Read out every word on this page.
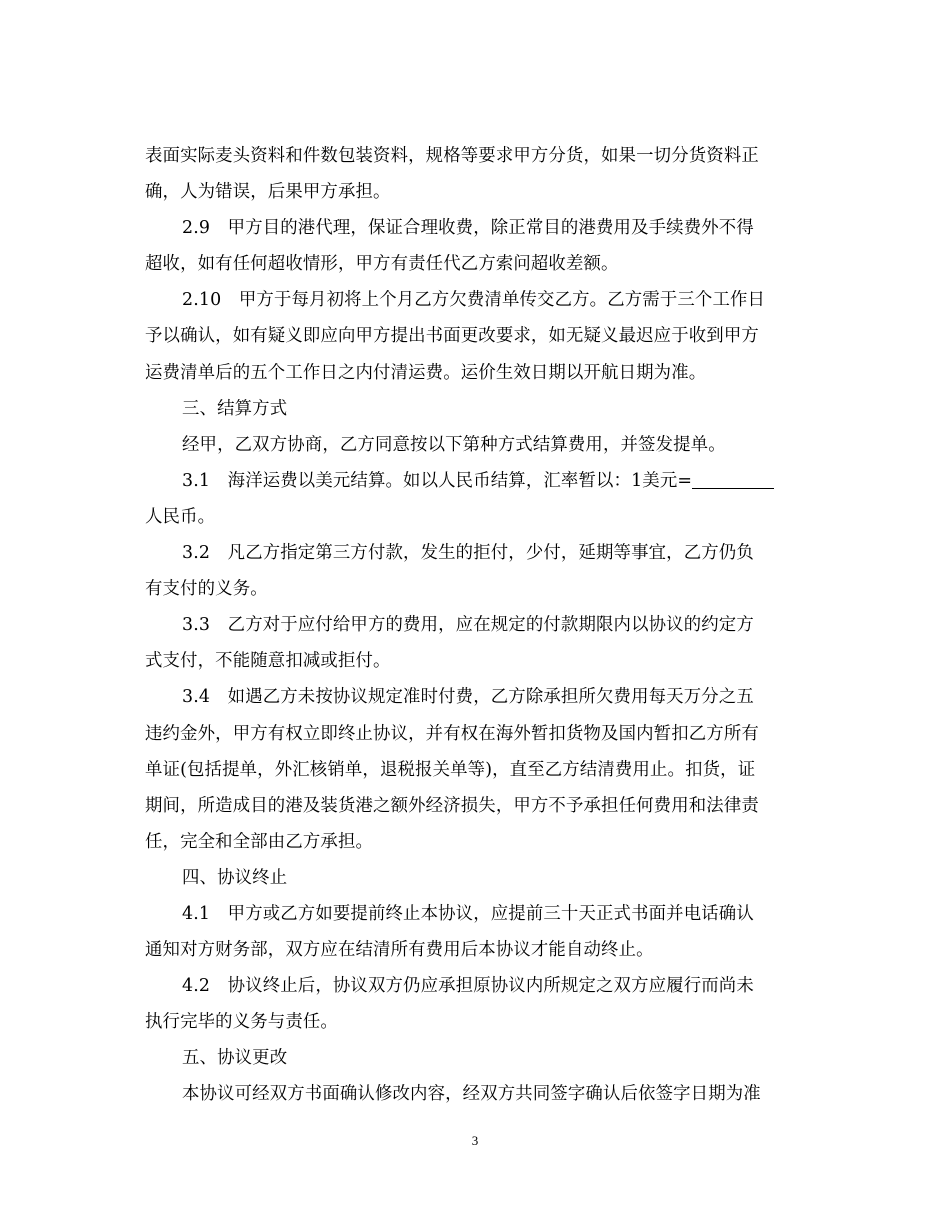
表面实际麦头资料和件数包装资料，规格等要求甲方分货，如果一切分货资料正
确，人为错误，后果甲方承担。
2.9　甲方目的港代理，保证合理收费，除正常目的港费用及手续费外不得
超收，如有任何超收情形，甲方有责任代乙方索问超收差额。
2.10　甲方于每月初将上个月乙方欠费清单传交乙方。乙方需于三个工作日
予以确认，如有疑义即应向甲方提出书面更改要求，如无疑义最迟应于收到甲方
运费清单后的五个工作日之内付清运费。运价生效日期以开航日期为准。
三、结算方式
经甲，乙双方协商，乙方同意按以下第种方式结算费用，并签发提单。
3.1　海洋运费以美元结算。如以人民币结算，汇率暂以：1美元=
人民币。
3.2　凡乙方指定第三方付款，发生的拒付，少付，延期等事宜，乙方仍负
有支付的义务。
3.3　乙方对于应付给甲方的费用，应在规定的付款期限内以协议的约定方
式支付，不能随意扣减或拒付。
3.4　如遇乙方未按协议规定准时付费，乙方除承担所欠费用每天万分之五
违约金外，甲方有权立即终止协议，并有权在海外暂扣货物及国内暂扣乙方所有
单证(包括提单，外汇核销单，退税报关单等)，直至乙方结清费用止。扣货，证
期间，所造成目的港及装货港之额外经济损失，甲方不予承担任何费用和法律责
任，完全和全部由乙方承担。
四、协议终止
4.1　甲方或乙方如要提前终止本协议，应提前三十天正式书面并电话确认
通知对方财务部，双方应在结清所有费用后本协议才能自动终止。
4.2　协议终止后，协议双方仍应承担原协议内所规定之双方应履行而尚未
执行完毕的义务与责任。
五、协议更改
本协议可经双方书面确认修改内容，经双方共同签字确认后依签字日期为准
3
